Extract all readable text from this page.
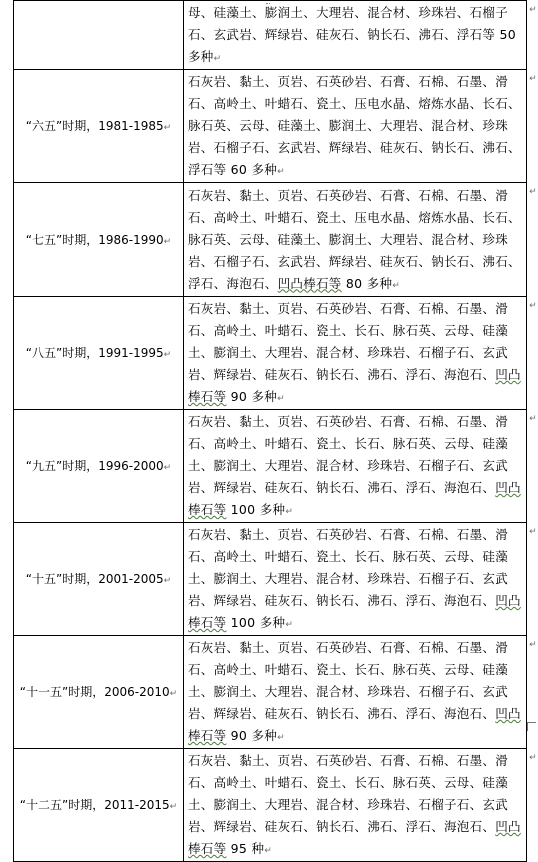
	母、硅藻土、膨润土、大理岩、混合材、珍珠岩、石榴子石、玄武岩、辉绿岩、硅灰石、钠长石、沸石、浮石等 50 多种↵
↵

“六五”时期，1981-1985↵	石灰岩、黏土、页岩、石英砂岩、石膏、石棉、石墨、滑石、高岭土、叶蜡石、瓷土、压电水晶、熔炼水晶、长石、脉石英、云母、硅藻土、膨润土、大理岩、混合材、珍珠岩、石榴子石、玄武岩、辉绿岩、硅灰石、钠长石、沸石、浮石等 60 多种↵
↵

“七五”时期，1986-1990↵	石灰岩、黏土、页岩、石英砂岩、石膏、石棉、石墨、滑石、高岭土、叶蜡石、瓷土、压电水晶、熔炼水晶、长石、脉石英、云母、硅藻土、膨润土、大理岩、混合材、珍珠岩、石榴子石、玄武岩、辉绿岩、硅灰石、钠长石、沸石、浮石、海泡石、凹凸棒石等 80 多种↵
↵

“八五”时期，1991-1995↵	石灰岩、黏土、页岩、石英砂岩、石膏、石棉、石墨、滑石、高岭土、叶蜡石、瓷土、长石、脉石英、云母、硅藻土、膨润土、大理岩、混合材、珍珠岩、石榴子石、玄武岩、辉绿岩、硅灰石、钠长石、沸石、浮石、海泡石、凹凸棒石等 90 多种↵
↵

“九五”时期，1996-2000↵	石灰岩、黏土、页岩、石英砂岩、石膏、石棉、石墨、滑石、高岭土、叶蜡石、瓷土、长石、脉石英、云母、硅藻土、膨润土、大理岩、混合材、珍珠岩、石榴子石、玄武岩、辉绿岩、硅灰石、钠长石、沸石、浮石、海泡石、凹凸棒石等 100 多种↵
↵

“十五”时期，2001-2005↵	石灰岩、黏土、页岩、石英砂岩、石膏、石棉、石墨、滑石、高岭土、叶蜡石、瓷土、长石、脉石英、云母、硅藻土、膨润土、大理岩、混合材、珍珠岩、石榴子石、玄武岩、辉绿岩、硅灰石、钠长石、沸石、浮石、海泡石、凹凸棒石等 100 多种↵
↵

“十一五”时期，2006-2010↵	石灰岩、黏土、页岩、石英砂岩、石膏、石棉、石墨、滑石、高岭土、叶蜡石、瓷土、长石、脉石英、云母、硅藻土、膨润土、大理岩、混合材、珍珠岩、石榴子石、玄武岩、辉绿岩、硅灰石、钠长石、沸石、浮石、海泡石、凹凸棒石等 90 多种↵
↵

“十二五”时期，2011-2015↵	石灰岩、黏土、页岩、石英砂岩、石膏、石棉、石墨、滑石、高岭土、叶蜡石、瓷土、长石、脉石英、云母、硅藻土、膨润土、大理岩、混合材、珍珠岩、石榴子石、玄武岩、辉绿岩、硅灰石、钠长石、沸石、浮石、海泡石、凹凸棒石等 95 种↵
↵
